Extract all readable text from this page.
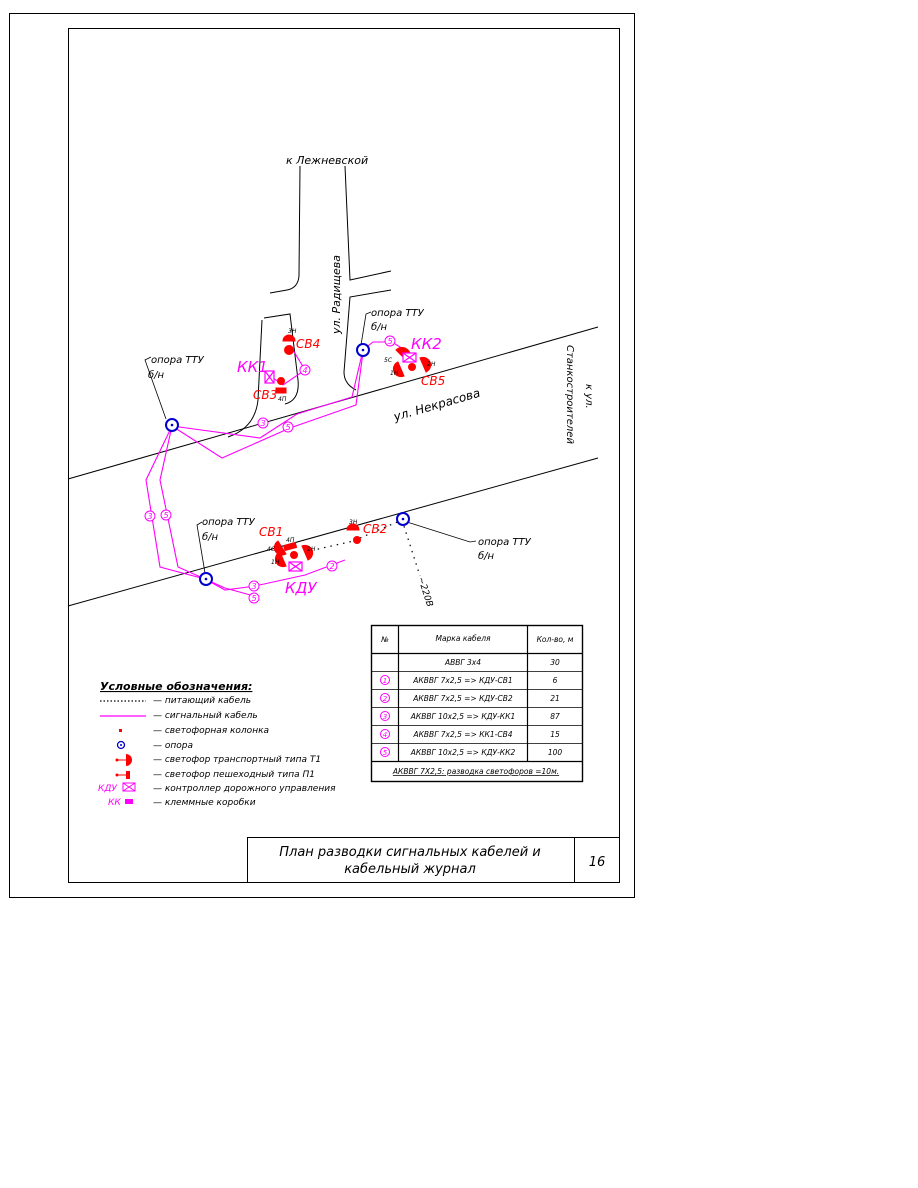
опора ТТУ
б/н
опора ТТУ
б/н
опора ТТУ
б/н	опора ТТУ
б/н
к Лежневской
ул. Радищева
ул. Некрасова	к ул.
Станкостроителей
КК1
КК2
КДУ
СВ4
СВ3
СВ5
СВ1	СВ2
~220В
3Н
4П
5С
2Н
1Н
4С	2Н
1Н
3Н
4П
3 5
4
5
3 5
3
5
2
№	Марка кабеля	Кол-во, м
АВВГ 3х4	30
1	АКВВГ 7х2,5 => КДУ-СВ1	6
2	АКВВГ 7х2,5 => КДУ-СВ2	21
3	АКВВГ 10х2,5 => КДУ-КК1	87
4	АКВВГ 7х2,5 => КК1-СВ4	15
5	АКВВГ 10х2,5 => КДУ-КК2	100
АКВВГ 7Х2,5: разводка светофоров =10м.
Условные обозначения:
— питающий кабель
— сигнальный кабель
— светофорная колонка
— опора
— светофор транспортный типа Т1
— светофор пешеходный типа П1
КДУ	— контроллер дорожного управления
КК	— клеммные коробки
План разводки сигнальных кабелей и
кабельный журнал	16
